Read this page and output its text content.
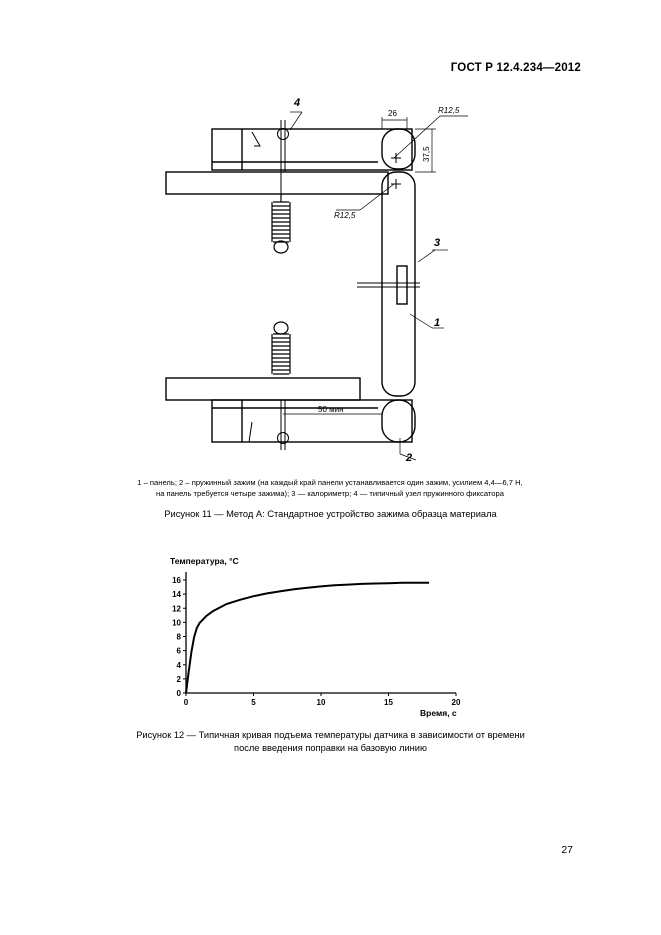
ГОСТ Р 12.4.234—2012
26	R12,5
37,5
R12,5
50 мин
4
3
1
2
1 – панель; 2 – пружинный зажим (на каждый край панели устанавливается один зажим, усилием 4,4—6,7 Н,
на панель требуется четыре зажима); 3 — калориметр; 4 — типичный узел пружинного фиксатора
Рисунок 11 — Метод А: Стандартное устройство зажима образца материала
Температура, °C
Время, с
0
2
4
6
8
10
12
14
16
0	5	10	15	20
Рисунок 12 — Типичная кривая подъема температуры датчика в зависимости от времени
после введения поправки на базовую линию
27
